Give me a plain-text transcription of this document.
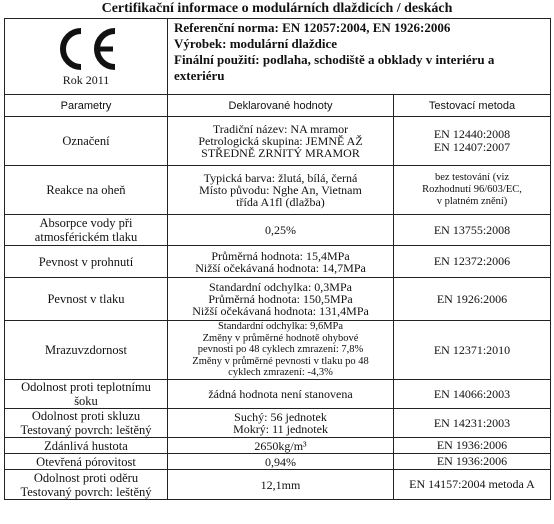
Certifikační informace o modulárních dlaždicích / deskách
Rok 2011	Referenční norma: EN 12057:2004, EN 1926:2006
Výrobek: modulární dlaždice
Finální použití: podlaha, schodiště a obklady v interiéru a
exteriéru	

Parametry	Deklarované hodnoty	Testovací metoda

Označení	Tradiční název: NA mramor
Petrologická skupina: JEMNĚ AŽ
STŘEDNĚ ZRNITÝ MRAMOR	EN 12440:2008
EN 12407:2007

Reakce na oheň	Typická barva: žlutá, bílá, černá
Místo původu: Nghe An, Vietnam
třída A1fl (dlažba)	bez testování (viz
Rozhodnutí 96/603/EC,
v platném znění)

Absorpce vody při
atmosférickém tlaku	0,25%	EN 13755:2008

Pevnost v prohnutí	Průměrná hodnota: 15,4MPa
Nižší očekávaná hodnota: 14,7MPa	EN 12372:2006

Pevnost v tlaku	Standardní odchylka: 0,3MPa
Průměrná hodnota: 150,5MPa
Nižší očekávaná hodnota: 131,4MPa	EN 1926:2006

Mrazuvzdornost	Standardní odchylka: 9,6MPa
Změny v průměrné hodnotě ohybové
pevnosti po 48 cyklech zmrazení: 7,8%
Změny v průměrné pevnosti v tlaku po 48
cyklech zmrazení: -4,3%	EN 12371:2010

Odolnost proti teplotnímu
šoku	žádná hodnota není stanovena	EN 14066:2003

Odolnost proti skluzu
Testovaný povrch: leštěný	Suchý: 56 jednotek
Mokrý: 11 jednotek	EN 14231:2003

Zdánlivá hustota	2650kg/m³	EN 1936:2006

Otevřená pórovitost	0,94%	EN 1936:2006

Odolnost proti oděru
Testovaný povrch: leštěný	12,1mm	EN 14157:2004 metoda A
